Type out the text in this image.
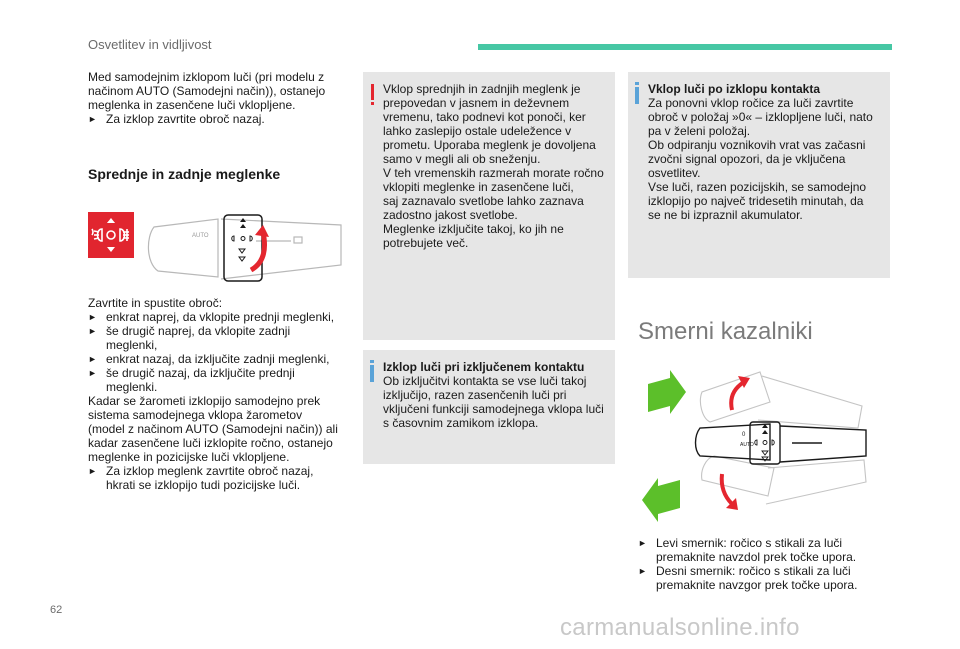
Osvetlitev in vidljivost

Med samodejnim izklopom luči (pri modelu z

načinom AUTO (Samodejni način)), ostanejo

meglenka in zasenčene luči vklopljene.

► Za izklop zavrtite obroč nazaj.
Sprednje in zadnje meglenke
AUTO

Zavrtite in spustite obroč:

► enkrat naprej, da vklopite prednji meglenki,
► še drugič naprej, da vklopite zadnji
meglenki,
► enkrat nazaj, da izključite zadnji meglenki,
► še drugič nazaj, da izključite prednji
meglenki.

Kadar se žarometi izklopijo samodejno prek

sistema samodejnega vklopa žarometov

(model z načinom AUTO (Samodejni način)) ali

kadar zasenčene luči izklopite ročno, ostanejo

meglenke in pozicijske luči vklopljene.

► Za izklop meglenk zavrtite obroč nazaj,
hkrati se izklopijo tudi pozicijske luči.

Vklop sprednjih in zadnjih meglenk je

prepovedan v jasnem in deževnem

vremenu, tako podnevi kot ponoči, ker

lahko zaslepijo ostale udeležence v

prometu. Uporaba meglenk je dovoljena

samo v megli ali ob sneženju.

V teh vremenskih razmerah morate ročno

vklopiti meglenke in zasenčene luči,

saj zaznavalo svetlobe lahko zaznava

zadostno jakost svetlobe.

Meglenke izključite takoj, ko jih ne

potrebujete več.

Izklop luči pri izključenem kontaktu

Ob izključitvi kontakta se vse luči takoj

izključijo, razen zasenčenih luči pri

vključeni funkciji samodejnega vklopa luči

s časovnim zamikom izklopa.

Vklop luči po izklopu kontakta

Za ponovni vklop ročice za luči zavrtite

obroč v položaj »0« – izklopljene luči, nato

pa v želeni položaj.

Ob odpiranju voznikovih vrat vas začasni

zvočni signal opozori, da je vključena

osvetlitev.

Vse luči, razen pozicijskih, se samodejno

izklopijo po največ tridesetih minutah, da

se ne bi izpraznil akumulator.

Smerni kazalniki
AUTO
0
► Levi smernik: ročico s stikali za luči
premaknite navzdol prek točke upora.
► Desni smernik: ročico s stikali za luči
premaknite navzgor prek točke upora.
62
carmanualsonline.info
